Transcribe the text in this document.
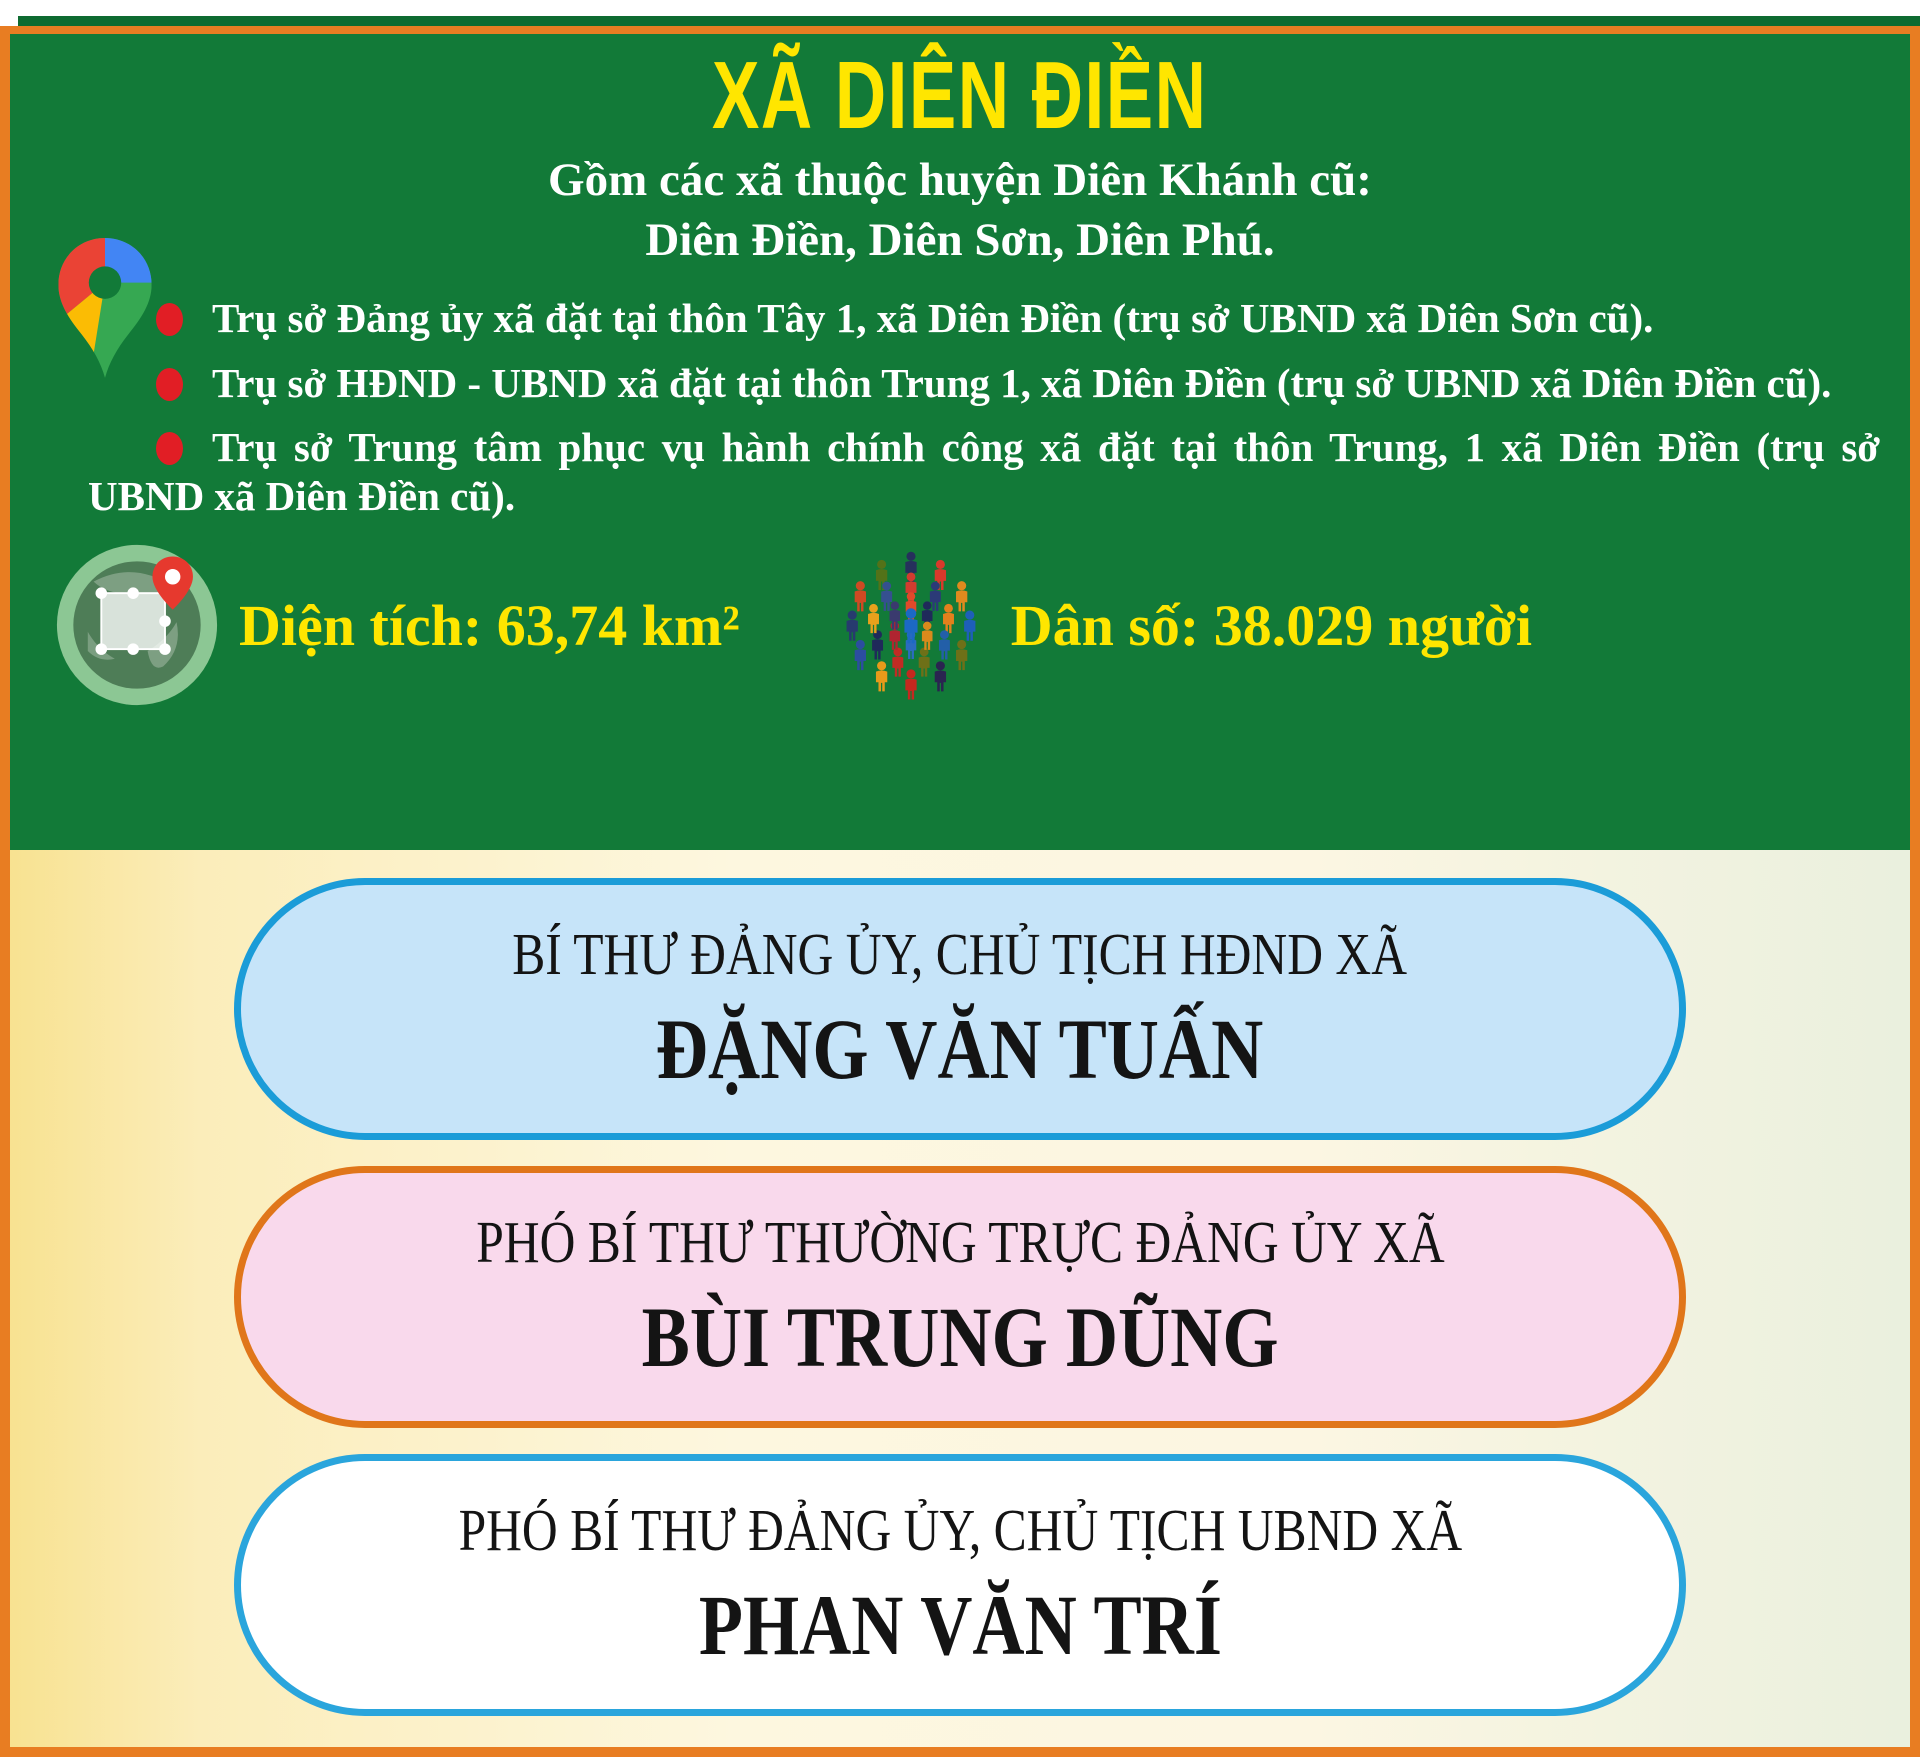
XÃ DIÊN ĐIỀN
Gồm các xã thuộc huyện Diên Khánh cũ:
Diên Điền, Diên Sơn, Diên Phú.

Trụ sở Đảng ủy xã đặt tại thôn Tây 1, xã Diên Điền (trụ sở UBND xã Diên Sơn cũ).

Trụ sở HĐND - UBND xã đặt tại thôn Trung 1, xã Diên Điền (trụ sở UBND xã Diên Điền cũ).

Trụ sở Trung tâm phục vụ hành chính công xã đặt tại thôn Trung, 1 xã Diên Điền (trụ sở UBND xã Diên Điền cũ).

Diện tích: 63,74 km²	Dân số: 38.029 người
BÍ THƯ ĐẢNG ỦY, CHỦ TỊCH HĐND XÃ
ĐẶNG VĂN TUẤN
PHÓ BÍ THƯ THƯỜNG TRỰC ĐẢNG ỦY XÃ
BÙI TRUNG DŨNG
PHÓ BÍ THƯ ĐẢNG ỦY, CHỦ TỊCH UBND XÃ
PHAN VĂN TRÍ
